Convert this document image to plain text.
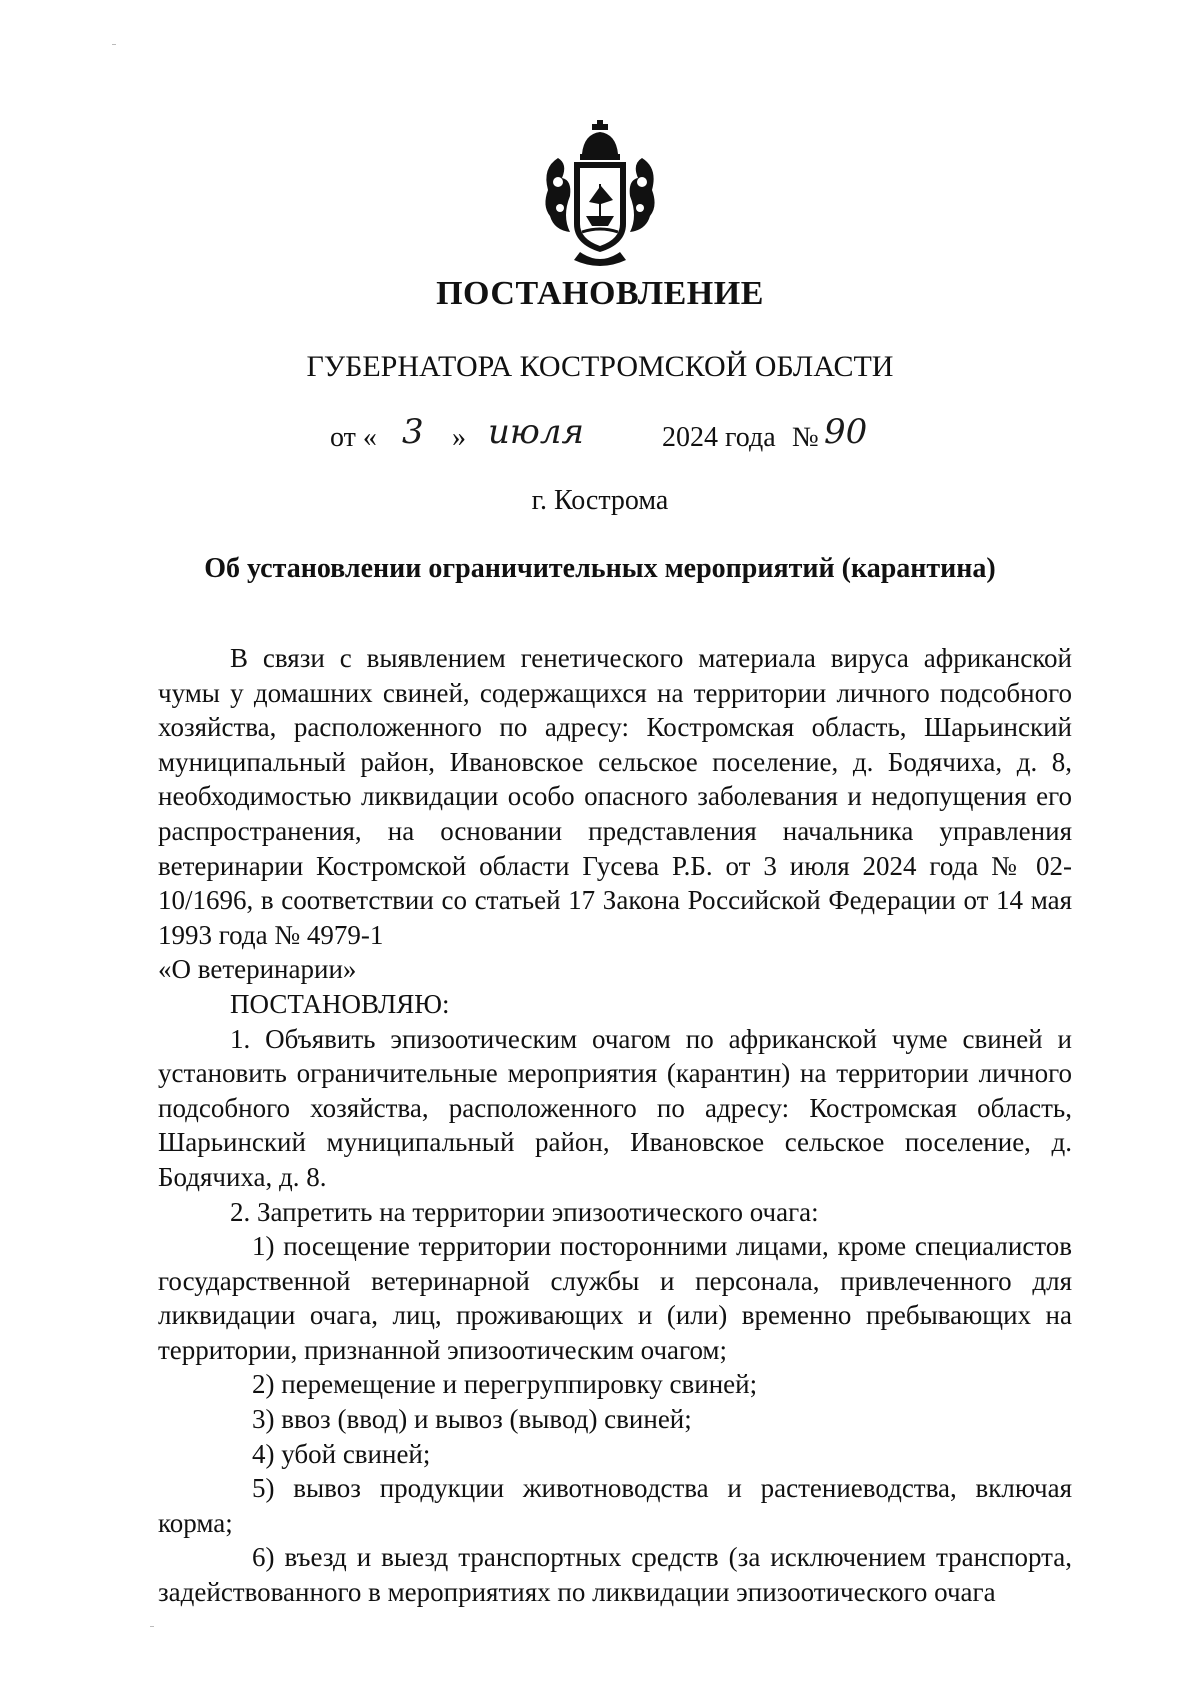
ПОСТАНОВЛЕНИЕ
ГУБЕРНАТОРА КОСТРОМСКОЙ ОБЛАСТИ
от « 3 » июля	2024 года № 90
г. Кострома
Об установлении ограничительных мероприятий (карантина)

В связи с выявлением генетического материала вируса африканской чумы у домашних свиней, содержащихся на территории личного подсобного хозяйства, расположенного по адресу: Костромская область, Шарьинский муниципальный район, Ивановское сельское поселение, д. Бодячиха, д. 8, необходимостью ликвидации особо опасного заболевания и недопущения его распространения, на основании представления начальника управления ветеринарии Костромской области Гусева Р.Б. от 3 июля 2024 года № 02-10/1696, в соответствии со статьей 17 Закона Российской Федерации от 14 мая 1993 года № 4979-1

«О ветеринарии»

ПОСТАНОВЛЯЮ:

1. Объявить эпизоотическим очагом по африканской чуме свиней и установить ограничительные мероприятия (карантин) на территории личного подсобного хозяйства, расположенного по адресу: Костромская область, Шарьинский муниципальный район, Ивановское сельское поселение, д. Бодячиха, д. 8.

2. Запретить на территории эпизоотического очага:

1) посещение территории посторонними лицами, кроме специалистов государственной ветеринарной службы и персонала, привлеченного для ликвидации очага, лиц, проживающих и (или) временно пребывающих на территории, признанной эпизоотическим очагом;

2) перемещение и перегруппировку свиней;

3) ввоз (ввод) и вывоз (вывод) свиней;

4) убой свиней;

5) вывоз продукции животноводства и растениеводства, включая корма;

6) въезд и выезд транспортных средств (за исключением транспорта, задействованного в мероприятиях по ликвидации эпизоотического очага
